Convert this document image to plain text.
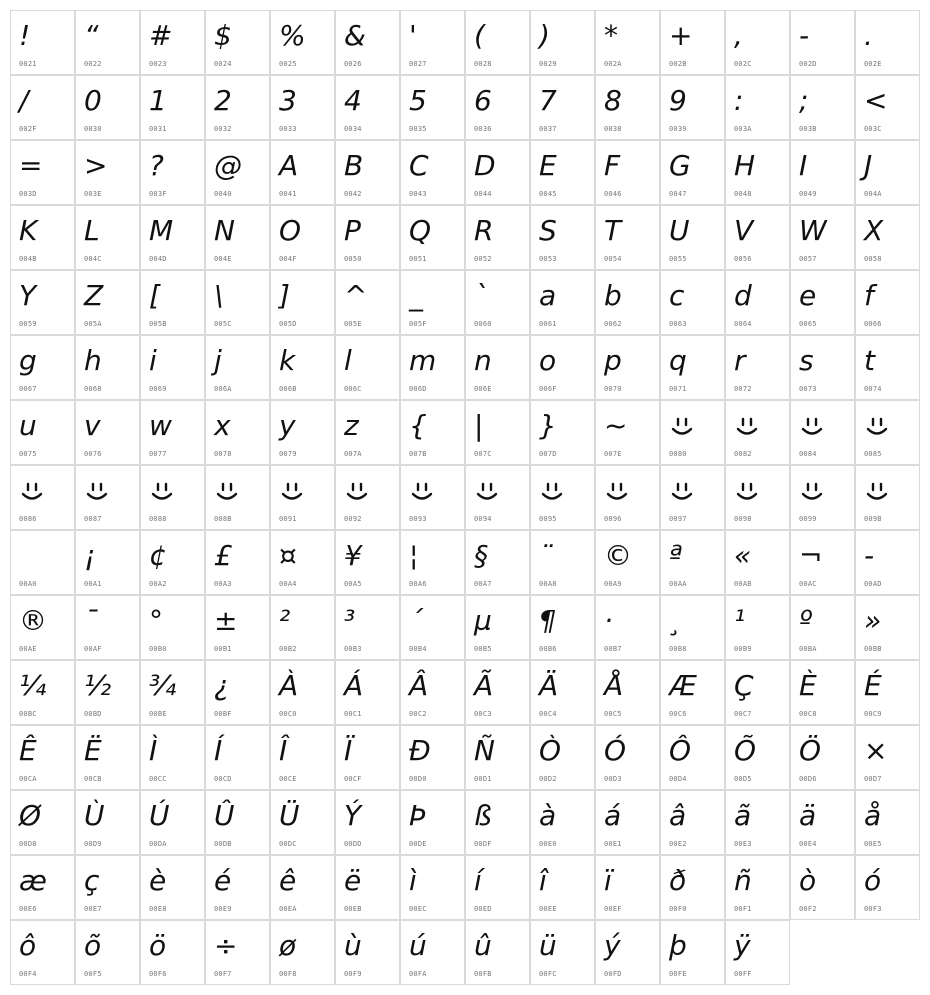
!
0021
“
0022
#
0023
$
0024
%
0025
&
0026
'
0027
(
0028
)
0029
*
002A
+
002B
,
002C
-
002D
.
002E
/
002F
0
0030
1
0031
2
0032
3
0033
4
0034
5
0035
6
0036
7
0037
8
0038
9
0039
:
003A
;
003B
<
003C
=
003D
>
003E
?
003F
@
0040
A
0041
B
0042
C
0043
D
0044
E
0045
F
0046
G
0047
H
0048
I
0049
J
004A
K
004B
L
004C
M
004D
N
004E
O
004F
P
0050
Q
0051
R
0052
S
0053
T
0054
U
0055
V
0056
W
0057
X
0058
Y
0059
Z
005A
[
005B
\
005C
]
005D
^
005E
_
005F
`
0060
a
0061
b
0062
c
0063
d
0064
e
0065
f
0066
g
0067
h
0068
i
0069
j
006A
k
006B
l
006C
m
006D
n
006E
o
006F
p
0070
q
0071
r
0072
s
0073
t
0074
u
0075
v
0076
w
0077
x
0078
y
0079
z
007A
{
007B
|
007C
}
007D
~
007E	0080	0082	0084	0085
0086	0087	0088	008B	0091	0092	0093	0094	0095	0096	0097	0098	0099	009B
00A0
¡
00A1
¢
00A2
£
00A3
¤
00A4
¥
00A5
¦
00A6
§
00A7
¨
00A8
©
00A9
ª
00AA
«
00AB
¬
00AC
-
00AD
®
00AE
¯
00AF
°
00B0
±
00B1
²
00B2
³
00B3
´
00B4
µ
00B5
¶
00B6
·
00B7
¸
00B8
¹
00B9
º
00BA
»
00BB
¼
00BC
½
00BD
¾
00BE
¿
00BF
À
00C0
Á
00C1
Â
00C2
Ã
00C3
Ä
00C4
Å
00C5
Æ
00C6
Ç
00C7
È
00C8
É
00C9
Ê
00CA
Ë
00CB
Ì
00CC
Í
00CD
Î
00CE
Ï
00CF
Ð
00D0
Ñ
00D1
Ò
00D2
Ó
00D3
Ô
00D4
Õ
00D5
Ö
00D6
×
00D7
Ø
00D8
Ù
00D9
Ú
00DA
Û
00DB
Ü
00DC
Ý
00DD
Þ
00DE
ß
00DF
à
00E0
á
00E1
â
00E2
ã
00E3
ä
00E4
å
00E5
æ
00E6
ç
00E7
è
00E8
é
00E9
ê
00EA
ë
00EB
ì
00EC
í
00ED
î
00EE
ï
00EF
ð
00F0
ñ
00F1
ò
00F2
ó
00F3
ô
00F4
õ
00F5
ö
00F6
÷
00F7
ø
00F8
ù
00F9
ú
00FA
û
00FB
ü
00FC
ý
00FD
þ
00FE
ÿ
00FF
